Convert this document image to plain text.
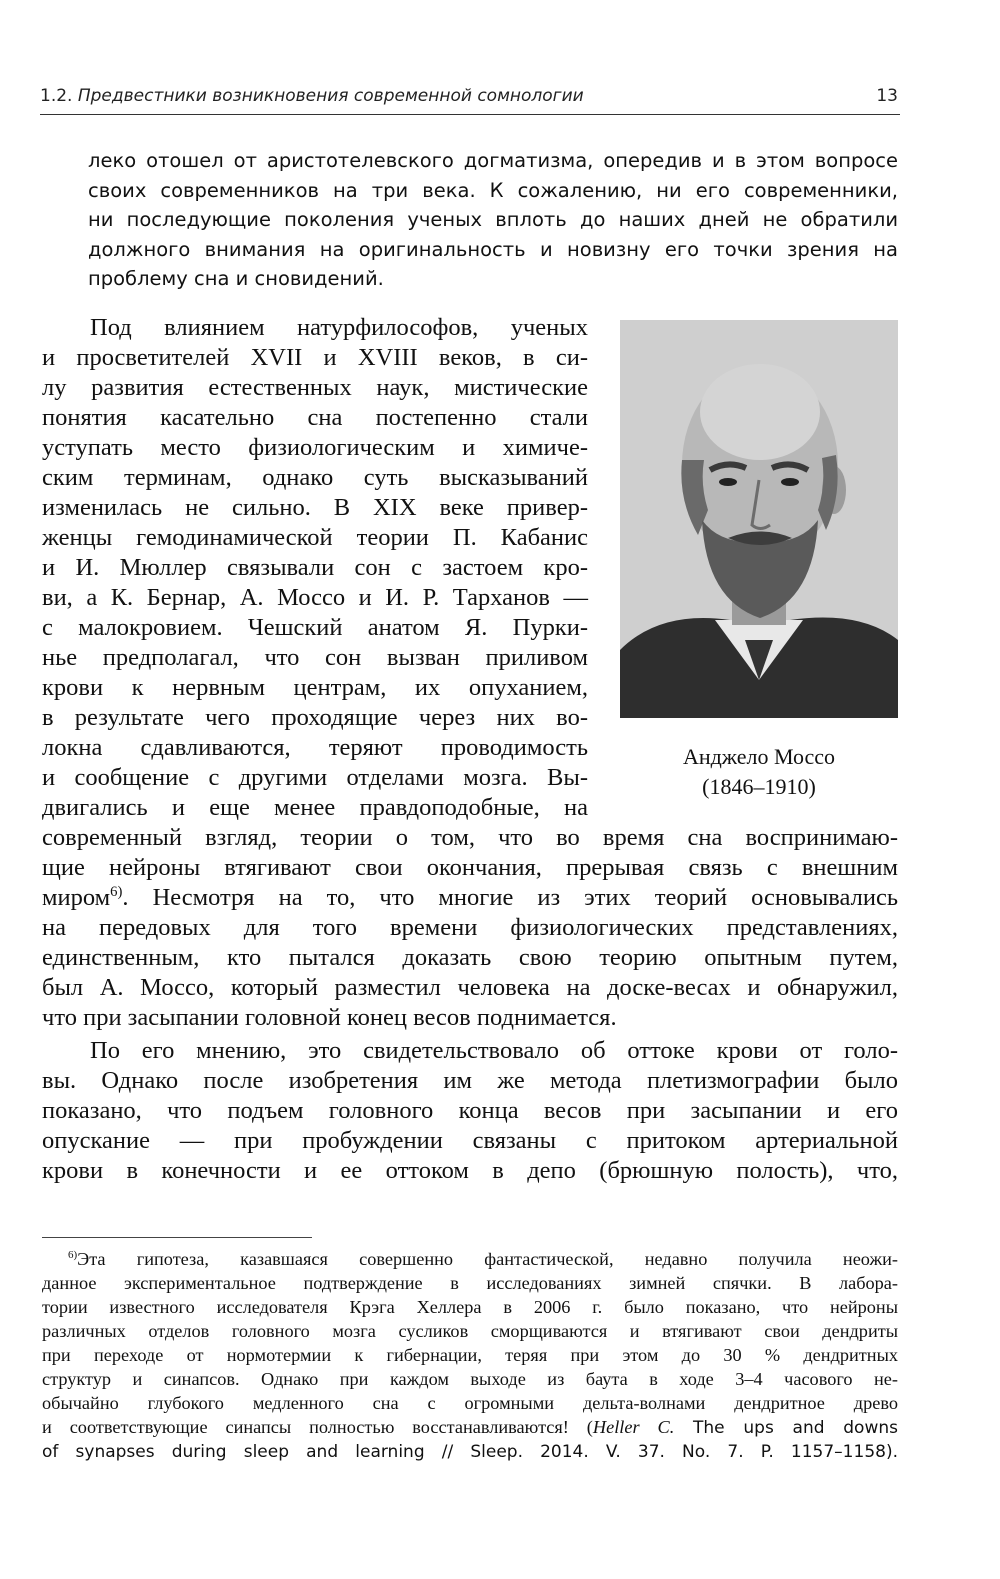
1.2. Предвестники возникновения современной сомнологии	13
леко отошел от аристотелевского догматизма, опередив и в этом вопросе
своих современников на три века. К сожалению, ни его современники,
ни последующие поколения ученых вплоть до наших дней не обратили
должного внимания на оригинальность и новизну его точки зрения на
проблему сна и сновидений.

Анджело Моссо

(1846–1910)

Под влиянием натурфилософов, ученых

и просветителей XVII и XVIII веков, в си-

лу развития естественных наук, мистические

понятия касательно сна постепенно стали

уступать место физиологическим и химиче-

ским терминам, однако суть высказываний

изменилась не сильно. В XIX веке привер-

женцы гемодинамической теории П. Кабанис

и И. Мюллер связывали сон с застоем кро-

ви, а К. Бернар, А. Моссо и И. Р. Тарханов —

с малокровием. Чешский анатом Я. Пурки-

нье предполагал, что сон вызван приливом

крови к нервным центрам, их опуханием,

в результате чего проходящие через них во-

локна сдавливаются, теряют проводимость

и сообщение с другими отделами мозга. Вы-

двигались и еще менее правдоподобные, на

современный взгляд, теории о том, что во время сна воспринимаю-

щие нейроны втягивают свои окончания, прерывая связь с внешним

миром$^{6)}$. Несмотря на то, что многие из этих теорий основывались

на передовых для того времени физиологических представлениях,

единственным, кто пытался доказать свою теорию опытным путем,

был А. Моссо, который разместил человека на доске-весах и обнаружил,

что при засыпании головной конец весов поднимается.

По его мнению, это свидетельствовало об оттоке крови от голо-

вы. Однако после изобретения им же метода плетизмографии было

показано, что подъем головного конца весов при засыпании и его

опускание — при пробуждении связаны с притоком артериальной

крови в конечности и ее оттоком в депо (брюшную полость), что,

$^{6)}$Эта гипотеза, казавшаяся совершенно фантастической, недавно получила неожи-

данное экспериментальное подтверждение в исследованиях зимней спячки. В лабора-

тории известного исследователя Крэга Хеллера в 2006 г. было показано, что нейроны

различных отделов головного мозга сусликов сморщиваются и втягивают свои дендриты

при переходе от нормотермии к гибернации, теряя при этом до 30 % дендритных

структур и синапсов. Однако при каждом выходе из баута в ходе 3–4 часового не-

обычайно глубокого медленного сна с огромными дельта-волнами дендритное древо

и соответствующие синапсы полностью восстанавливаются! (Heller C. The ups and downs

of synapses during sleep and learning // Sleep. 2014. V. 37. No. 7. P. 1157–1158).
